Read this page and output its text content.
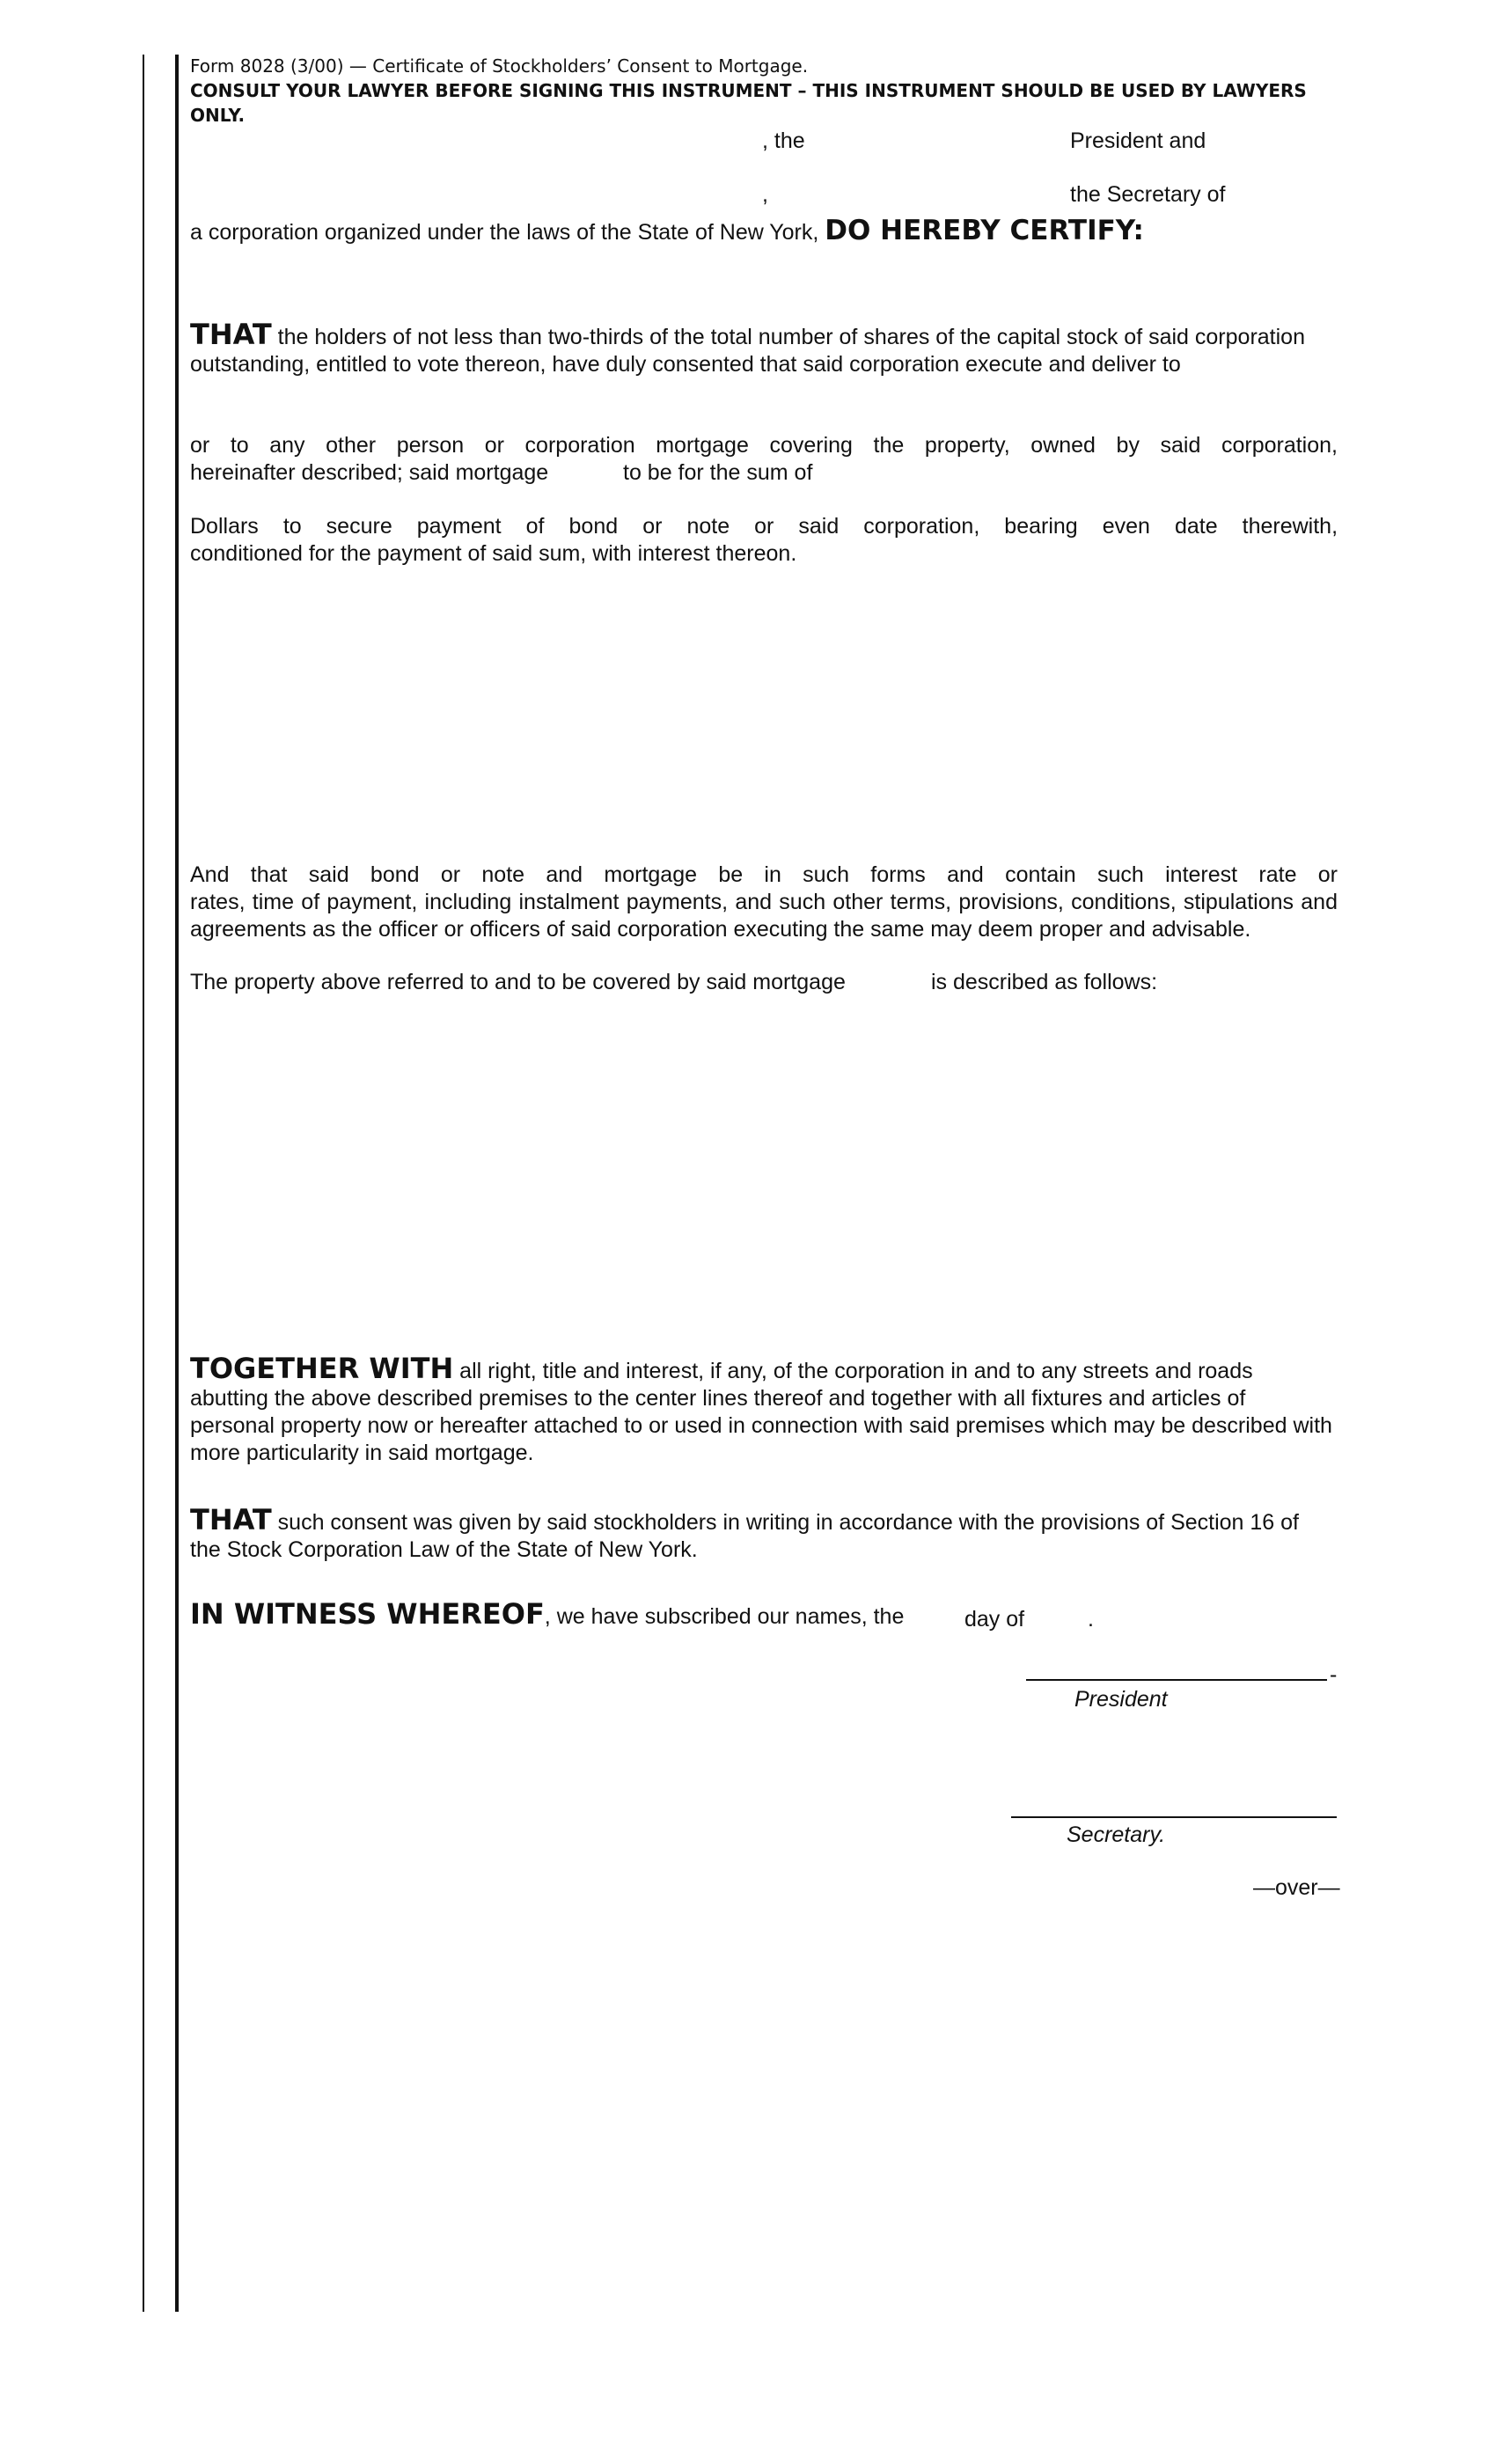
Form 8028 (3/00) — Certificate of Stockholders’ Consent to Mortgage.
CONSULT YOUR LAWYER BEFORE SIGNING THIS INSTRUMENT – THIS INSTRUMENT SHOULD BE USED BY LAWYERS
ONLY.
, the	President and
,	the Secretary of
a corporation organized under the laws of the State of New York, DO HEREBY CERTIFY:
THAT the holders of not less than two-thirds of the total number of shares of the capital stock of said corporation
outstanding, entitled to vote thereon, have duly consented that said corporation execute and deliver to
or to any other person or corporation mortgage covering the property, owned by said corporation,
hereinafter described; said mortgage	to be for the sum of
Dollars to secure payment of bond or note or said corporation, bearing even date therewith,
conditioned for the payment of said sum, with interest thereon.
And that said bond or note and mortgage be in such forms and contain such interest rate or
rates, time of payment, including instalment payments, and such other terms, provisions, conditions, stipulations and
agreements as the officer or officers of said corporation executing the same may deem proper and advisable.
The property above referred to and to be covered by said mortgage	is described as follows:
TOGETHER WITH all right, title and interest, if any, of the corporation in and to any streets and roads
abutting the above described premises to the center lines thereof and together with all fixtures and articles of
personal property now or hereafter attached to or used in connection with said premises which may be described with
more particularity in said mortgage.
THAT such consent was given by said stockholders in writing in accordance with the provisions of Section 16 of
the Stock Corporation Law of the State of New York.
IN WITNESS WHEREOF, we have subscribed our names, the	day of	.
-
President
Secretary.
—over—
